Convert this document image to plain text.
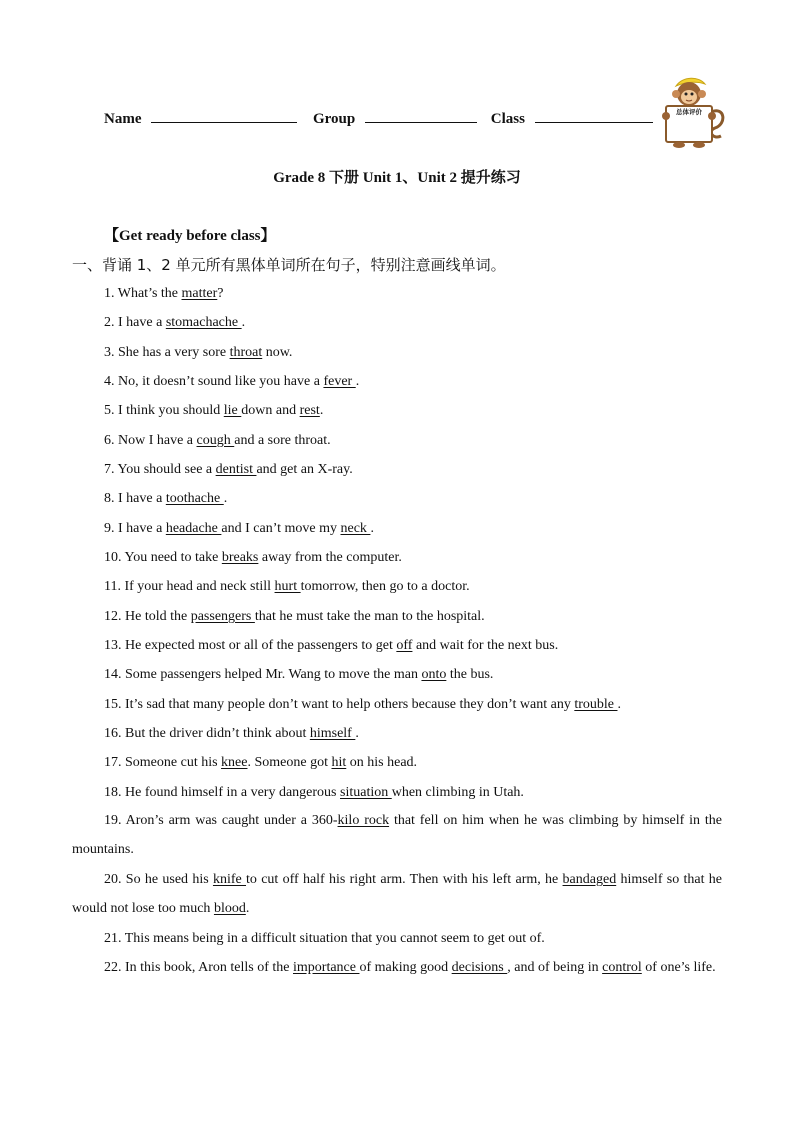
Name	Group	Class	总体评价
Grade 8 下册 Unit 1、Unit 2 提升练习
【Get ready before class】
一、背诵 1、2 单元所有黑体单词所在句子，特别注意画线单词。
1. What’s the matter?
2. I have a stomachache .
3. She has a very sore throat now.
4. No, it doesn’t sound like you have a fever .
5. I think you should lie down and rest.
6. Now I have a cough and a sore throat.
7. You should see a dentist and get an X-ray.
8. I have a toothache .
9. I have a headache and I can’t move my neck .
10. You need to take breaks away from the computer.
11. If your head and neck still hurt tomorrow, then go to a doctor.
12. He told the passengers that he must take the man to the hospital.
13. He expected most or all of the passengers to get off and wait for the next bus.
14. Some passengers helped Mr. Wang to move the man onto the bus.
15. It’s sad that many people don’t want to help others because they don’t want any trouble .
16. But the driver didn’t think about himself .
17. Someone cut his knee. Someone got hit on his head.
18. He found himself in a very dangerous situation when climbing in Utah.
19. Aron’s arm was caught under a 360-kilo rock that fell on him when he was climbing by himself in the mountains.
20. So he used his knife to cut off half his right arm. Then with his left arm, he bandaged himself so that he would not lose too much blood.
21. This means being in a difficult situation that you cannot seem to get out of.
22. In this book, Aron tells of the importance of making good decisions , and of being in control of one’s life.
